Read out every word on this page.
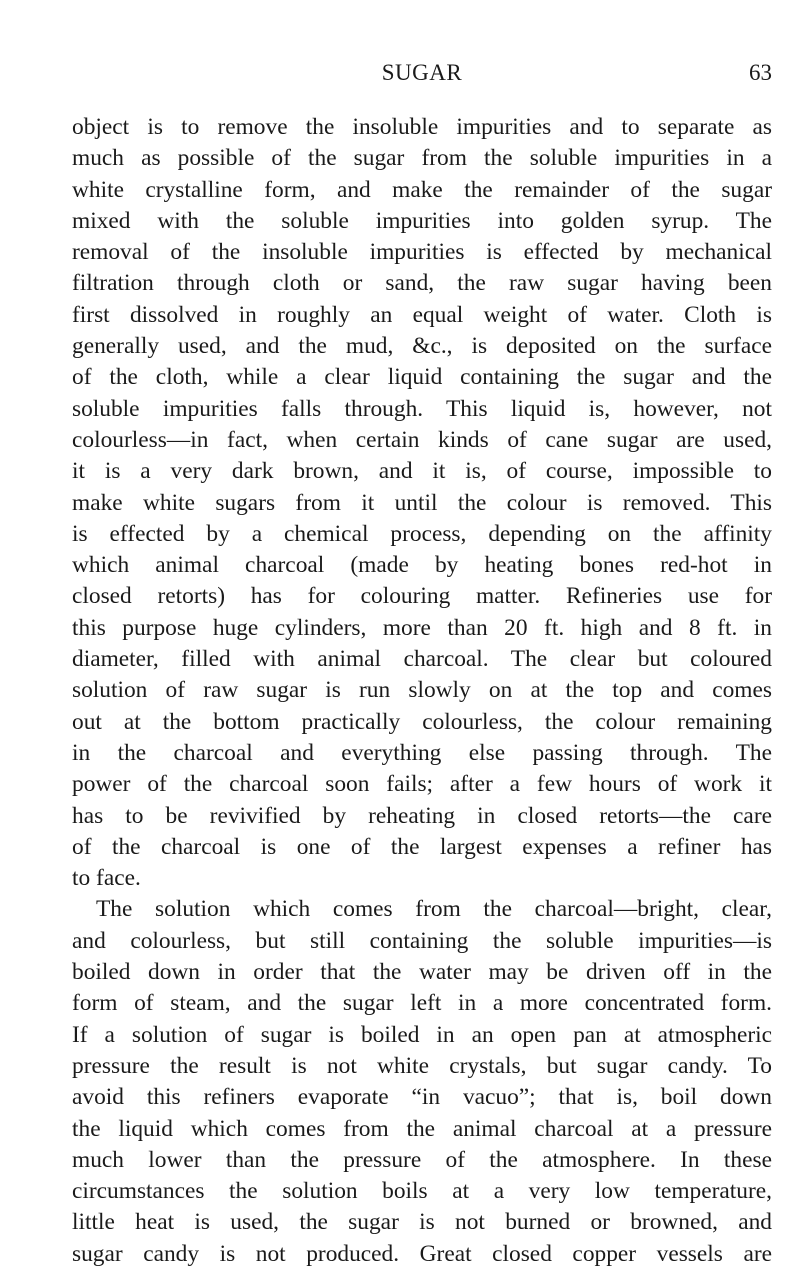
SUGAR	63
object is to remove the insoluble impurities and to separate as
much as possible of the sugar from the soluble impurities in a
white crystalline form, and make the remainder of the sugar
mixed with the soluble impurities into golden syrup. The
removal of the insoluble impurities is effected by mechanical
filtration through cloth or sand, the raw sugar having been
first dissolved in roughly an equal weight of water. Cloth is
generally used, and the mud, &c., is deposited on the surface
of the cloth, while a clear liquid containing the sugar and the
soluble impurities falls through. This liquid is, however, not
colourless—in fact, when certain kinds of cane sugar are used,
it is a very dark brown, and it is, of course, impossible to
make white sugars from it until the colour is removed. This
is effected by a chemical process, depending on the affinity
which animal charcoal (made by heating bones red-hot in
closed retorts) has for colouring matter. Refineries use for
this purpose huge cylinders, more than 20 ft. high and 8 ft. in
diameter, filled with animal charcoal. The clear but coloured
solution of raw sugar is run slowly on at the top and comes
out at the bottom practically colourless, the colour remaining
in the charcoal and everything else passing through. The
power of the charcoal soon fails; after a few hours of work it
has to be revivified by reheating in closed retorts—the care
of the charcoal is one of the largest expenses a refiner has
to face.
The solution which comes from the charcoal—bright, clear,
and colourless, but still containing the soluble impurities—is
boiled down in order that the water may be driven off in the
form of steam, and the sugar left in a more concentrated form.
If a solution of sugar is boiled in an open pan at atmospheric
pressure the result is not white crystals, but sugar candy. To
avoid this refiners evaporate “in vacuo”; that is, boil down
the liquid which comes from the animal charcoal at a pressure
much lower than the pressure of the atmosphere. In these
circumstances the solution boils at a very low temperature,
little heat is used, the sugar is not burned or browned, and
sugar candy is not produced. Great closed copper vessels are
